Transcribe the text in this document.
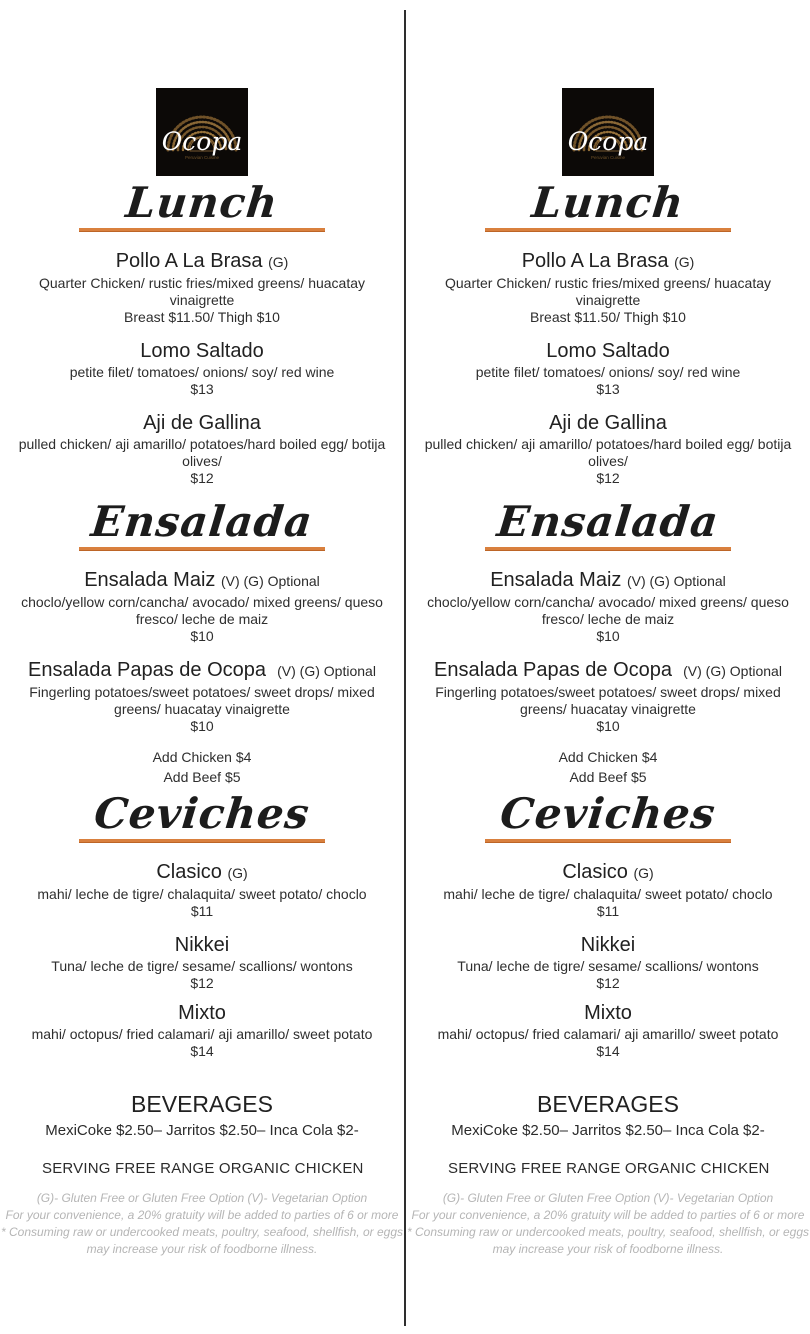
Ocopa
Peruvian Cuisine
Lunch
Pollo A La Brasa (G)
Quarter Chicken/ rustic fries/mixed greens/ huacatay vinaigrette
Breast $11.50/ Thigh $10
Lomo Saltado
petite filet/ tomatoes/ onions/ soy/ red wine
$13
Aji de Gallina
pulled chicken/ aji amarillo/ potatoes/hard boiled egg/ botija olives/
$12
Ensalada
Ensalada Maiz (V) (G) Optional
choclo/yellow corn/cancha/ avocado/ mixed greens/ queso fresco/ leche de maiz
$10
Ensalada Papas de Ocopa (V) (G) Optional
Fingerling potatoes/sweet potatoes/ sweet drops/ mixed greens/ huacatay vinaigrette
$10
Add Chicken $4
Add Beef $5
Ceviches
Clasico (G)
mahi/ leche de tigre/ chalaquita/ sweet potato/ choclo
$11
Nikkei
Tuna/ leche de tigre/ sesame/ scallions/ wontons
$12
Mixto
mahi/ octopus/ fried calamari/ aji amarillo/ sweet potato
$14
BEVERAGES
MexiCoke $2.50– Jarritos $2.50– Inca Cola $2-
SERVING FREE RANGE ORGANIC CHICKEN
(G)- Gluten Free or Gluten Free Option (V)- Vegetarian Option
For your convenience, a 20% gratuity will be added to parties of 6 or more
* Consuming raw or undercooked meats, poultry, seafood, shellfish, or eggs
may increase your risk of foodborne illness.
Ocopa
Peruvian Cuisine
Lunch
Pollo A La Brasa (G)
Quarter Chicken/ rustic fries/mixed greens/ huacatay vinaigrette
Breast $11.50/ Thigh $10
Lomo Saltado
petite filet/ tomatoes/ onions/ soy/ red wine
$13
Aji de Gallina
pulled chicken/ aji amarillo/ potatoes/hard boiled egg/ botija olives/
$12
Ensalada
Ensalada Maiz (V) (G) Optional
choclo/yellow corn/cancha/ avocado/ mixed greens/ queso fresco/ leche de maiz
$10
Ensalada Papas de Ocopa (V) (G) Optional
Fingerling potatoes/sweet potatoes/ sweet drops/ mixed greens/ huacatay vinaigrette
$10
Add Chicken $4
Add Beef $5
Ceviches
Clasico (G)
mahi/ leche de tigre/ chalaquita/ sweet potato/ choclo
$11
Nikkei
Tuna/ leche de tigre/ sesame/ scallions/ wontons
$12
Mixto
mahi/ octopus/ fried calamari/ aji amarillo/ sweet potato
$14
BEVERAGES
MexiCoke $2.50– Jarritos $2.50– Inca Cola $2-
SERVING FREE RANGE ORGANIC CHICKEN
(G)- Gluten Free or Gluten Free Option (V)- Vegetarian Option
For your convenience, a 20% gratuity will be added to parties of 6 or more
* Consuming raw or undercooked meats, poultry, seafood, shellfish, or eggs
may increase your risk of foodborne illness.
